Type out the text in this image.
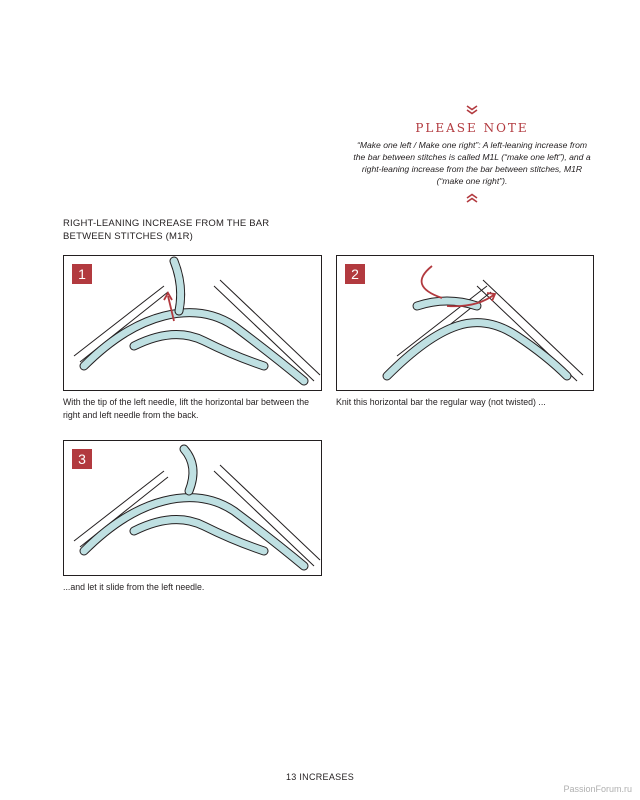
PLEASE NOTE
“Make one left / Make one right”: A left-leaning increase from the bar between stitches is called M1L (“make one left”), and a right-leaning increase from the bar between stitches, M1R (“make one right”).
RIGHT-LEANING INCREASE FROM THE BAR BETWEEN STITCHES (M1R)
1
With the tip of the left needle, lift the horizontal bar between the right and left needle from the back.
2
Knit this horizontal bar the regular way (not twisted) ...
3
...and let it slide from the left needle.
13 INCREASES
PassionForum.ru
